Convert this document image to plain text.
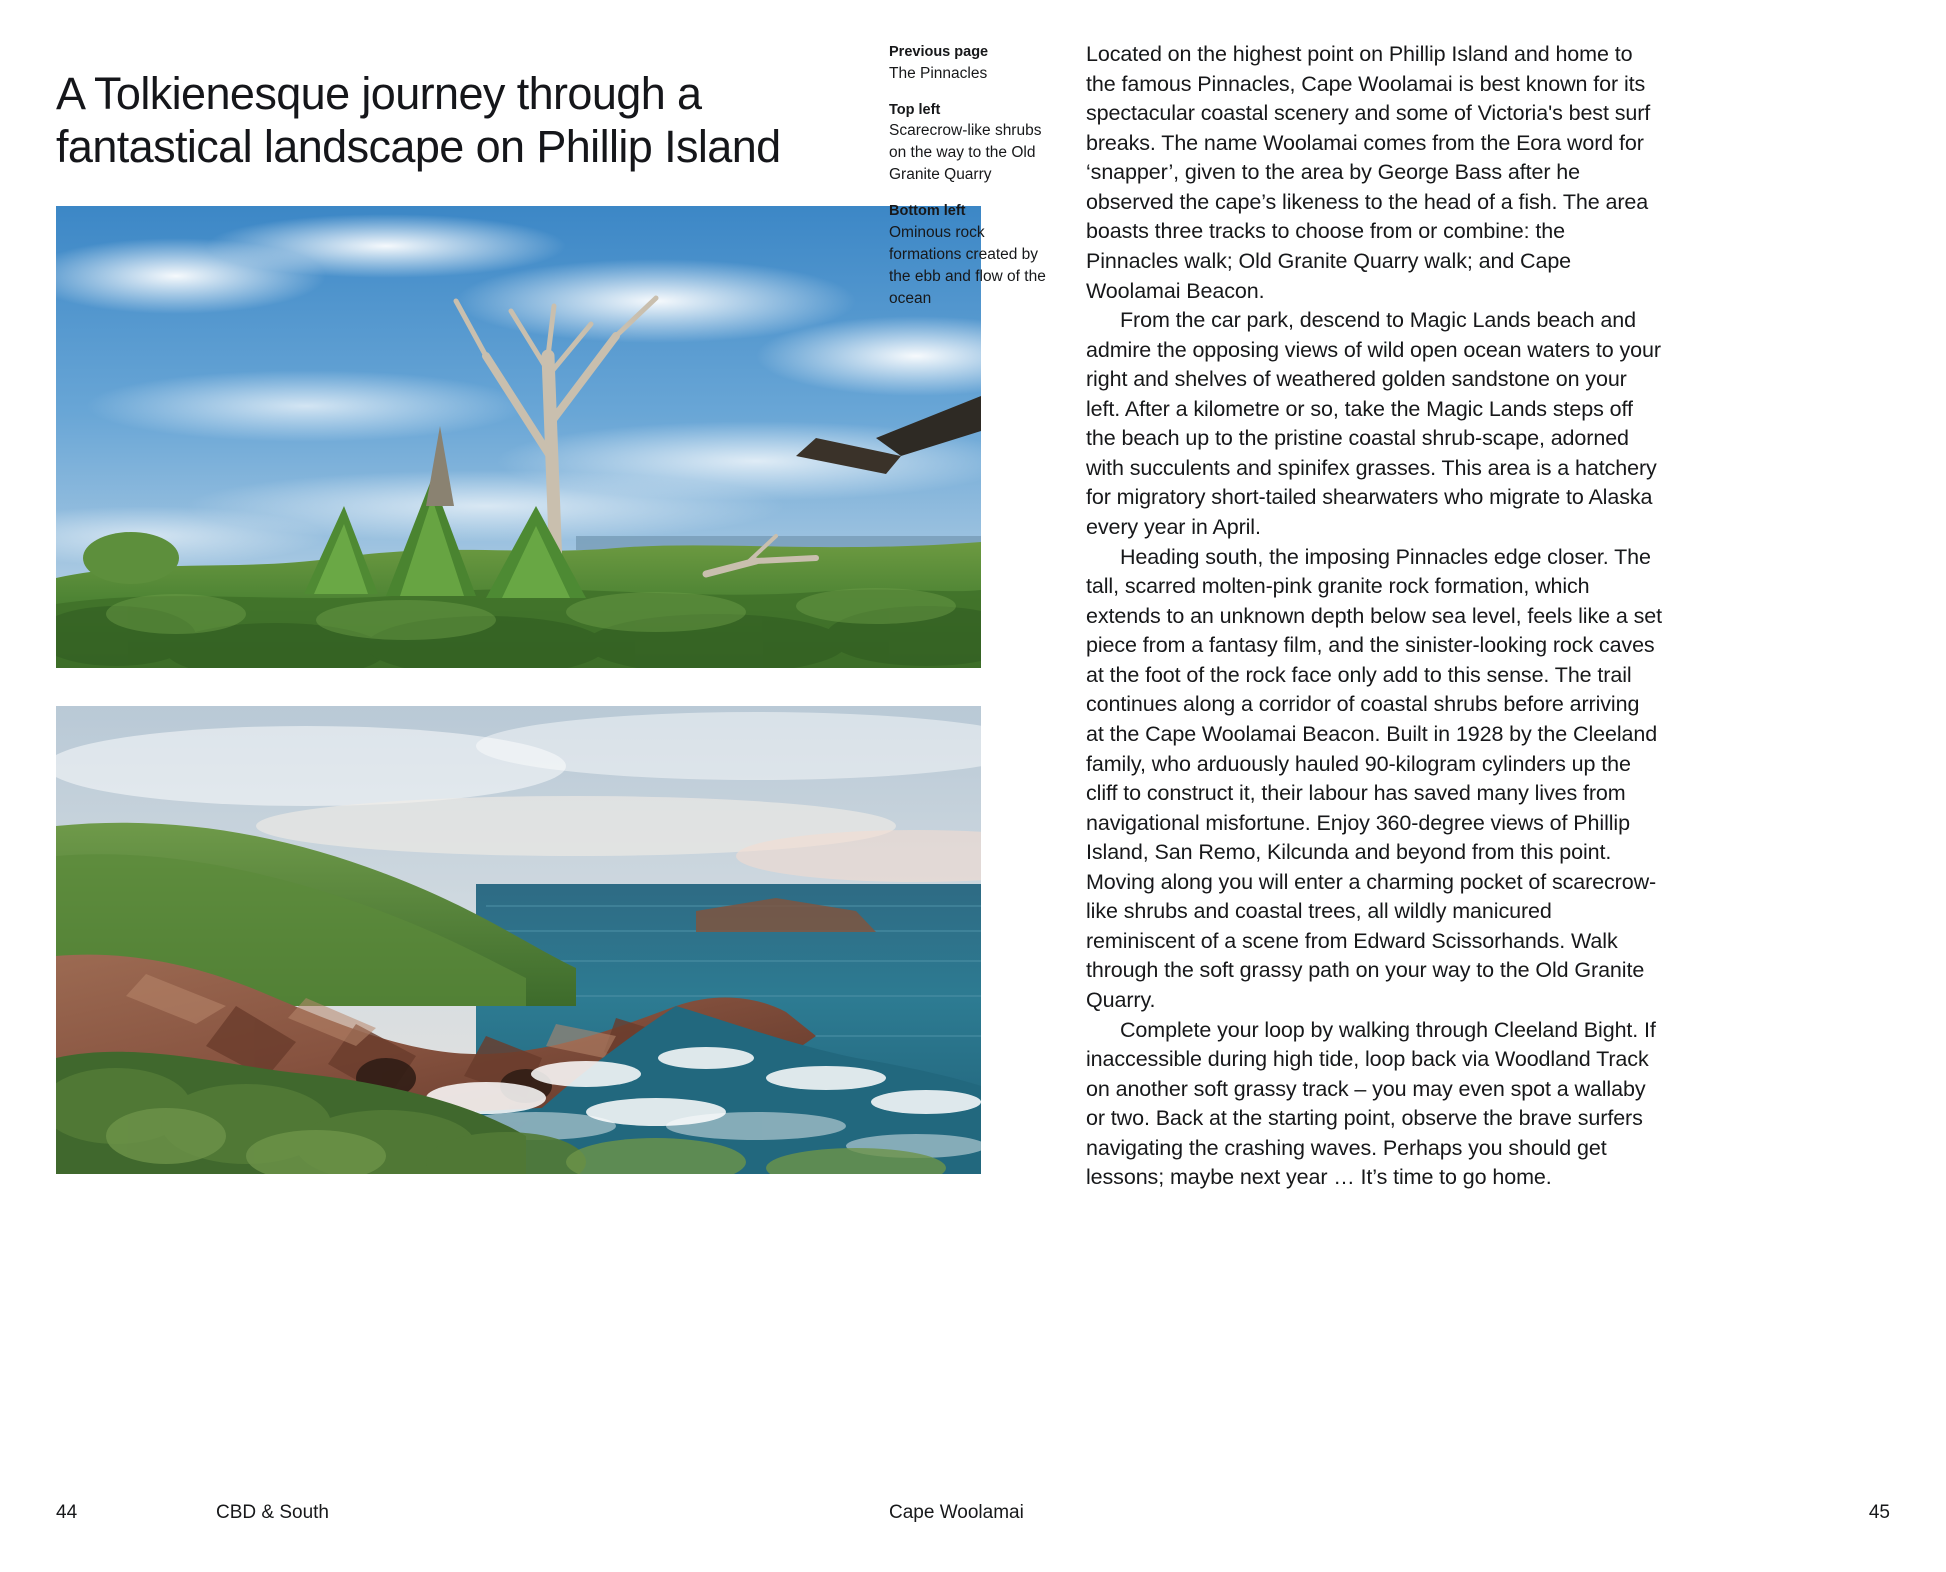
A Tolkienesque journey through a fantastical landscape on Phillip Island
44	CBD & South
Previous page
The Pinnacles
Top left
Scarecrow-like shrubs on the way to the Old Granite Quarry
Bottom left
Ominous rock formations created by the ebb and flow of the ocean

Located on the highest point on Phillip Island and home to the famous Pinnacles, Cape Woolamai is best known for its spectacular coastal scenery and some of Victoria's best surf breaks. The name Woolamai comes from the Eora word for ‘snapper’, given to the area by George Bass after he observed the cape’s likeness to the head of a fish. The area boasts three tracks to choose from or combine: the Pinnacles walk; Old Granite Quarry walk; and Cape Woolamai Beacon.

From the car park, descend to Magic Lands beach and admire the opposing views of wild open ocean waters to your right and shelves of weathered golden sandstone on your left. After a kilometre or so, take the Magic Lands steps off the beach up to the pristine coastal shrub-scape, adorned with succulents and spinifex grasses. This area is a hatchery for migratory short-tailed shearwaters who migrate to Alaska every year in April.

Heading south, the imposing Pinnacles edge closer. The tall, scarred molten-pink granite rock formation, which extends to an unknown depth below sea level, feels like a set piece from a fantasy film, and the sinister-looking rock caves at the foot of the rock face only add to this sense. The trail continues along a corridor of coastal shrubs before arriving at the Cape Woolamai Beacon. Built in 1928 by the Cleeland family, who arduously hauled 90-kilogram cylinders up the cliff to construct it, their labour has saved many lives from navigational misfortune. Enjoy 360-degree views of Phillip Island, San Remo, Kilcunda and beyond from this point. Moving along you will enter a charming pocket of scarecrow-like shrubs and coastal trees, all wildly manicured reminiscent of a scene from Edward Scissorhands. Walk through the soft grassy path on your way to the Old Granite Quarry.

Complete your loop by walking through Cleeland Bight. If inaccessible during high tide, loop back via Woodland Track on another soft grassy track – you may even spot a wallaby or two. Back at the starting point, observe the brave surfers navigating the crashing waves. Perhaps you should get lessons; maybe next year … It’s time to go home.

Cape Woolamai	45
